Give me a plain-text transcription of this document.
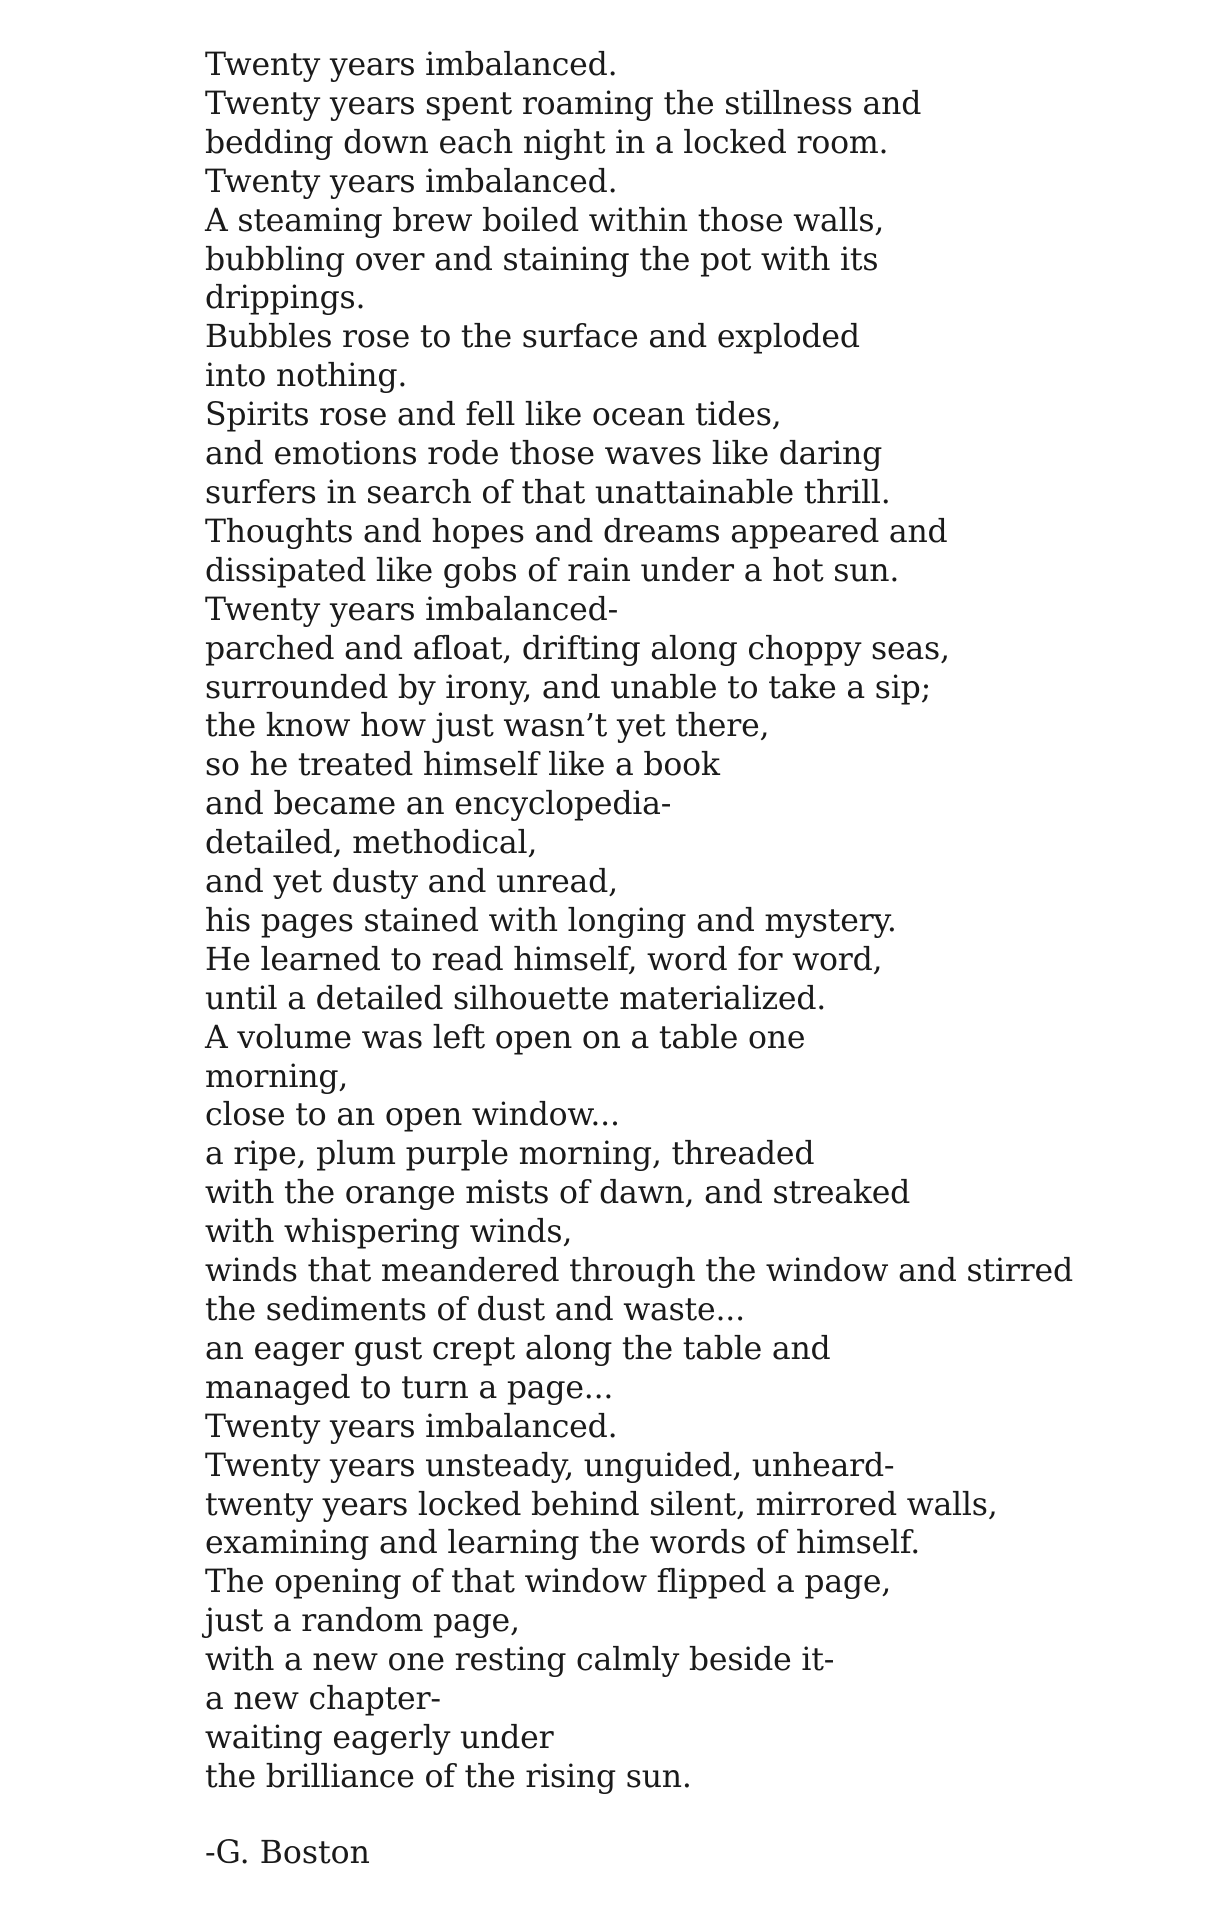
Twenty years imbalanced.
Twenty years spent roaming the stillness and
bedding down each night in a locked room.
Twenty years imbalanced.
A steaming brew boiled within those walls,
bubbling over and staining the pot with its
drippings.
Bubbles rose to the surface and exploded
into nothing.
Spirits rose and fell like ocean tides,
and emotions rode those waves like daring
surfers in search of that unattainable thrill.
Thoughts and hopes and dreams appeared and
dissipated like gobs of rain under a hot sun.
Twenty years imbalanced-
parched and afloat, drifting along choppy seas,
surrounded by irony, and unable to take a sip;
the know how just wasn’t yet there,
so he treated himself like a book
and became an encyclopedia-
detailed, methodical,
and yet dusty and unread,
his pages stained with longing and mystery.
He learned to read himself, word for word,
until a detailed silhouette materialized.
A volume was left open on a table one
morning,
close to an open window...
a ripe, plum purple morning, threaded
with the orange mists of dawn, and streaked
with whispering winds,
winds that meandered through the window and stirred
the sediments of dust and waste...
an eager gust crept along the table and
managed to turn a page...
Twenty years imbalanced.
Twenty years unsteady, unguided, unheard-
twenty years locked behind silent, mirrored walls,
examining and learning the words of himself.
The opening of that window flipped a page,
just a random page,
with a new one resting calmly beside it-
a new chapter-
waiting eagerly under
the brilliance of the rising sun.
-G. Boston
